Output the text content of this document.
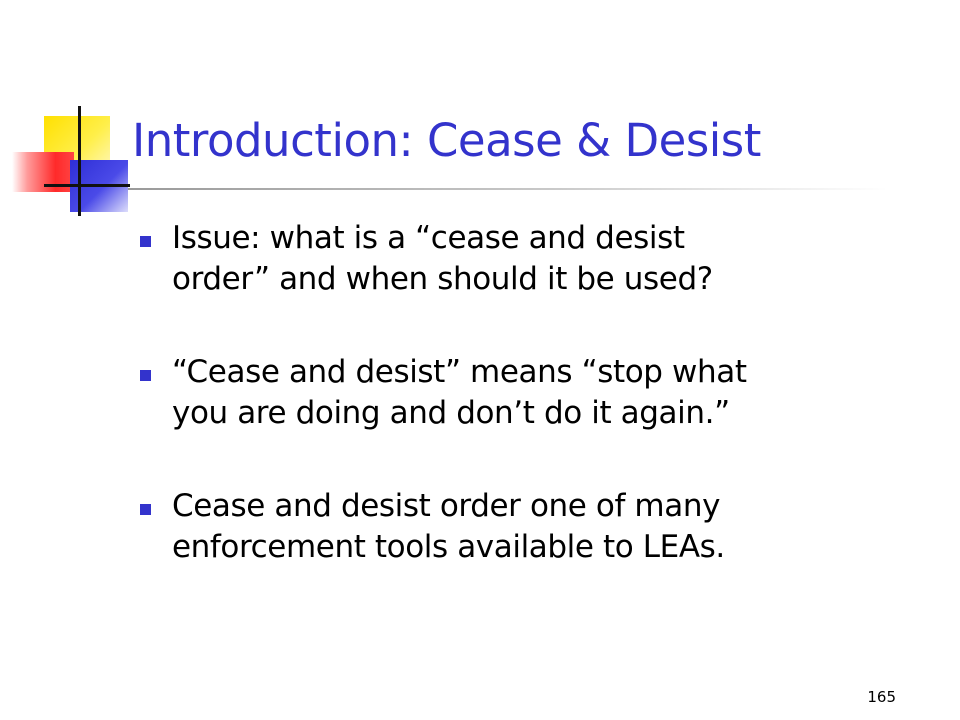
Introduction: Cease & Desist
Issue: what is a “cease and desist
order” and when should it be used?
“Cease and desist” means “stop what
you are doing and don’t do it again.”
Cease and desist order one of many
enforcement tools available to LEAs.
165
